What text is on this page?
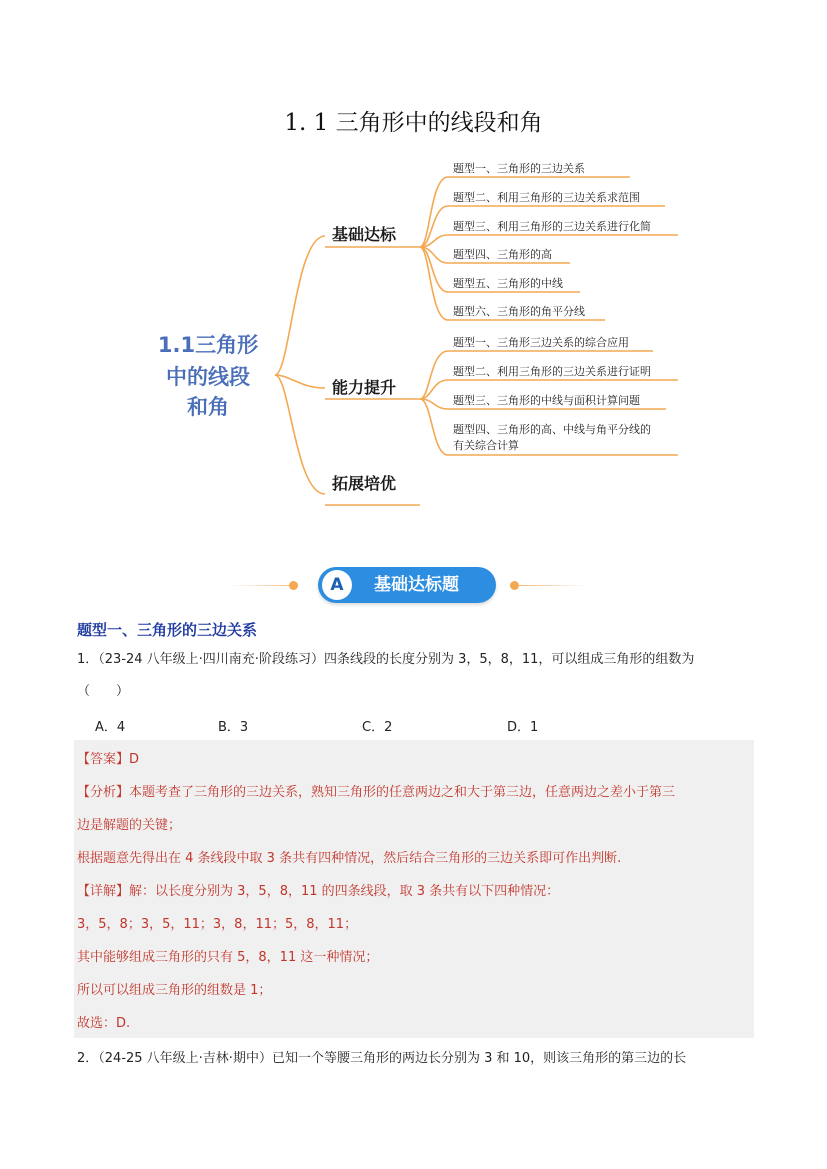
1. 1 三角形中的线段和角
1.1三角形
中的线段
和角
基础达标
能力提升
拓展培优
题型一、三角形的三边关系
题型二、利用三角形的三边关系求范围
题型三、利用三角形的三边关系进行化简
题型四、三角形的高
题型五、三角形的中线
题型六、三角形的角平分线
题型一、三角形三边关系的综合应用
题型二、利用三角形的三边关系进行证明
题型三、三角形的中线与面积计算问题
题型四、三角形的高、中线与角平分线的
有关综合计算
A	基础达标题
题型一、三角形的三边关系
1．（23-24 八年级上·四川南充·阶段练习）四条线段的长度分别为 3，5，8，11，可以组成三角形的组数为
（　　）
A．4	B．3	C．2	D．1
【答案】D
【分析】本题考查了三角形的三边关系，熟知三角形的任意两边之和大于第三边，任意两边之差小于第三
边是解题的关键；
根据题意先得出在 4 条线段中取 3 条共有四种情况，然后结合三角形的三边关系即可作出判断.
【详解】解：以长度分别为 3，5，8，11 的四条线段，取 3 条共有以下四种情况：
3，5，8；3，5，11；3，8，11；5，8，11；
其中能够组成三角形的只有 5，8，11 这一种情况；
所以可以组成三角形的组数是 1；
故选：D.
2．（24-25 八年级上·吉林·期中）已知一个等腰三角形的两边长分别为 3 和 10，则该三角形的第三边的长
